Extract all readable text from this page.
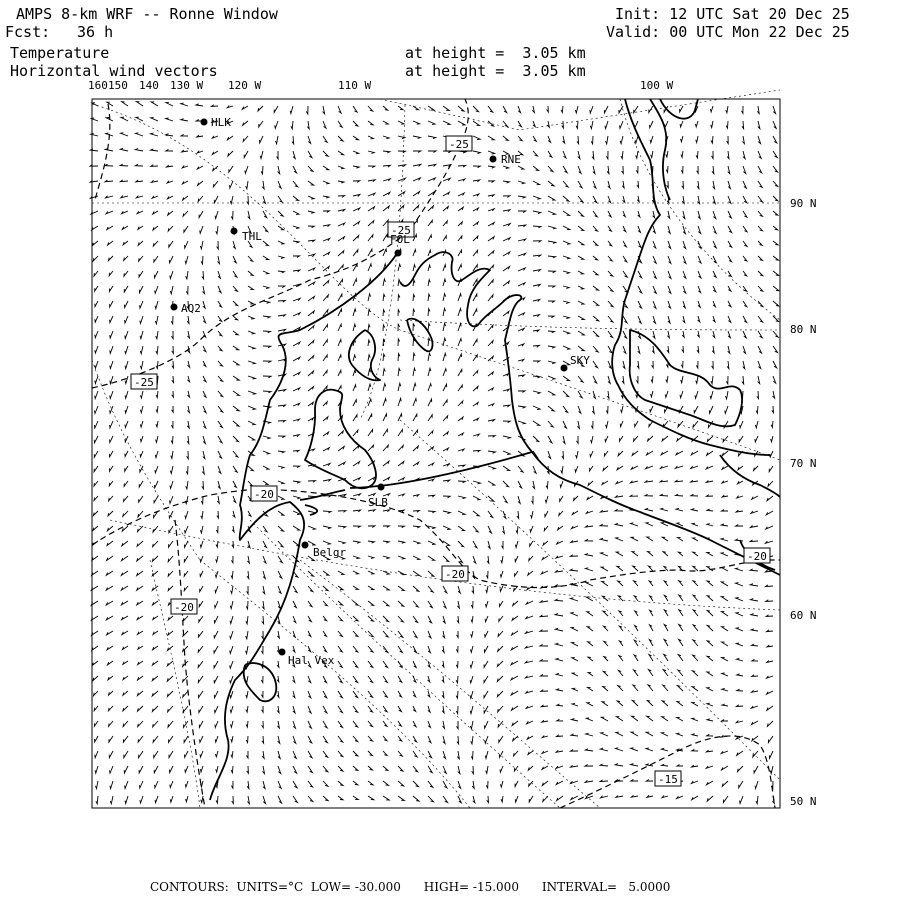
AMPS 8-km WRF -- Ronne Window
Fcst: 36 h
Init: 12 UTC Sat 20 Dec 25
Valid: 00 UTC Mon 22 Dec 25
Temperature
Horizontal wind vectors
at height =  3.05 km
at height =  3.05 km
160 150 140 130 W 120 W	110 W	100 W
90 N
80 N
70 N
60 N
50 N
-25
-25
-25
-20
-20
-20
-20
-15
HLK
RNE
THL
AQ2
FOL
SKY
SLB
Belgr
Hal Vex
CONTOURS:  UNITS=°C  LOW= -30.000      HIGH= -15.000      INTERVAL=   5.0000
